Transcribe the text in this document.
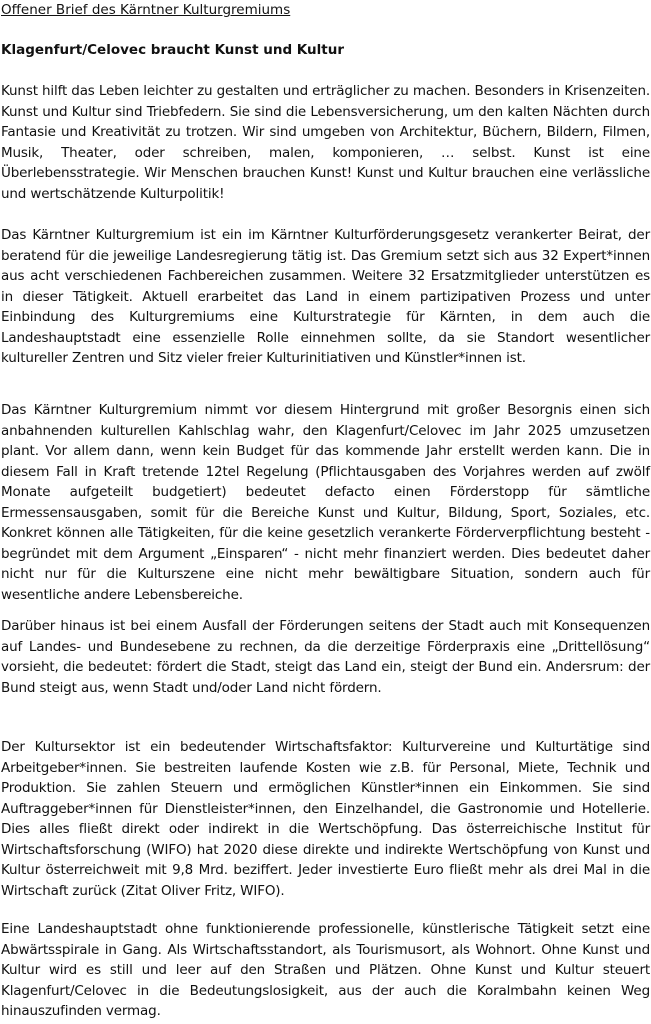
Offener Brief des Kärntner Kulturgremiums
Klagenfurt/Celovec braucht Kunst und Kultur

Kunst hilft das Leben leichter zu gestalten und erträglicher zu machen. Besonders in Krisenzeiten. Kunst und Kultur sind Triebfedern. Sie sind die Lebensversicherung, um den kalten Nächten durch Fantasie und Kreativität zu trotzen. Wir sind umgeben von Architektur, Büchern, Bildern, Filmen, Musik, Theater, oder schreiben, malen, komponieren, … selbst. Kunst ist eine Überlebensstrategie. Wir Menschen brauchen Kunst! Kunst und Kultur brauchen eine verlässliche und wertschätzende Kulturpolitik!

Das Kärntner Kulturgremium ist ein im Kärntner Kulturförderungsgesetz verankerter Beirat, der beratend für die jeweilige Landesregierung tätig ist. Das Gremium setzt sich aus 32 Expert*innen aus acht verschiedenen Fachbereichen zusammen. Weitere 32 Ersatzmitglieder unterstützen es in dieser Tätigkeit. Aktuell erarbeitet das Land in einem partizipativen Prozess und unter Einbindung des Kulturgremiums eine Kulturstrategie für Kärnten, in dem auch die Landeshauptstadt eine essenzielle Rolle einnehmen sollte, da sie Standort wesentlicher kultureller Zentren und Sitz vieler freier Kulturinitiativen und Künstler*innen ist.

Das Kärntner Kulturgremium nimmt vor diesem Hintergrund mit großer Besorgnis einen sich anbahnenden kulturellen Kahlschlag wahr, den Klagenfurt/Celovec im Jahr 2025 umzusetzen plant. Vor allem dann, wenn kein Budget für das kommende Jahr erstellt werden kann. Die in diesem Fall in Kraft tretende 12tel Regelung (Pflichtausgaben des Vorjahres werden auf zwölf Monate aufgeteilt budgetiert) bedeutet defacto einen Förderstopp für sämtliche Ermessensausgaben, somit für die Bereiche Kunst und Kultur, Bildung, Sport, Soziales, etc. Konkret können alle Tätigkeiten, für die keine gesetzlich verankerte Förderverpflichtung besteht - begründet mit dem Argument „Einsparen“ - nicht mehr finanziert werden. Dies bedeutet daher nicht nur für die Kulturszene eine nicht mehr bewältigbare Situation, sondern auch für wesentliche andere Lebensbereiche.

Darüber hinaus ist bei einem Ausfall der Förderungen seitens der Stadt auch mit Konsequenzen auf Landes- und Bundesebene zu rechnen, da die derzeitige Förderpraxis eine „Drittellösung“ vorsieht, die bedeutet: fördert die Stadt, steigt das Land ein, steigt der Bund ein. Andersrum: der Bund steigt aus, wenn Stadt und/oder Land nicht fördern.

Der Kultursektor ist ein bedeutender Wirtschaftsfaktor: Kulturvereine und Kulturtätige sind Arbeitgeber*innen. Sie bestreiten laufende Kosten wie z.B. für Personal, Miete, Technik und Produktion. Sie zahlen Steuern und ermöglichen Künstler*innen ein Einkommen. Sie sind Auftraggeber*innen für Dienstleister*innen, den Einzelhandel, die Gastronomie und Hotellerie. Dies alles fließt direkt oder indirekt in die Wertschöpfung. Das österreichische Institut für Wirtschaftsforschung (WIFO) hat 2020 diese direkte und indirekte Wertschöpfung von Kunst und Kultur österreichweit mit 9,8 Mrd. beziffert. Jeder investierte Euro fließt mehr als drei Mal in die Wirtschaft zurück (Zitat Oliver Fritz, WIFO).

Eine Landeshauptstadt ohne funktionierende professionelle, künstlerische Tätigkeit setzt eine Abwärtsspirale in Gang. Als Wirtschaftsstandort, als Tourismusort, als Wohnort. Ohne Kunst und Kultur wird es still und leer auf den Straßen und Plätzen. Ohne Kunst und Kultur steuert Klagenfurt/Celovec in die Bedeutungslosigkeit, aus der auch die Koralmbahn keinen Weg hinauszufinden vermag.
